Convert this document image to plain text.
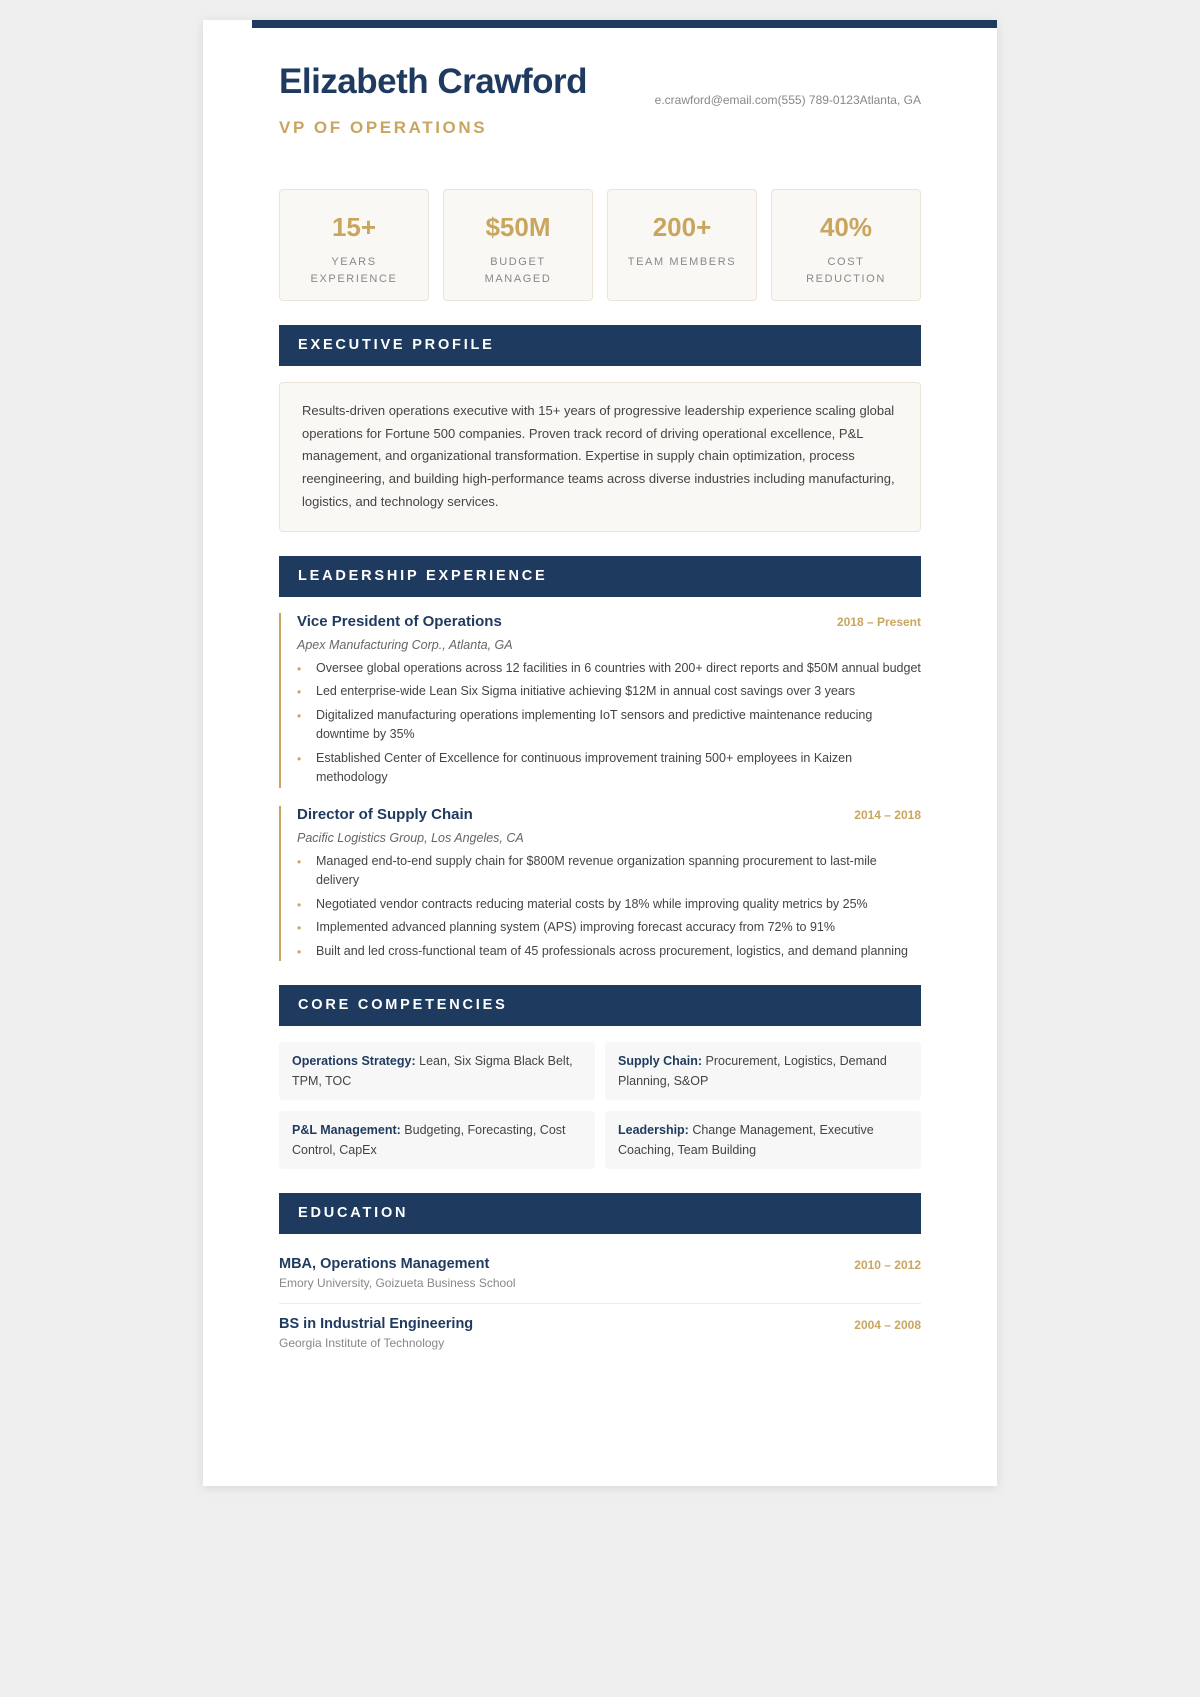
Elizabeth Crawford	e.crawford@email.com(555) 789-0123Atlanta, GA
VP OF OPERATIONS
15+
YEARS EXPERIENCE
$50M
BUDGET MANAGED
200+
TEAM MEMBERS
40%
COST REDUCTION
EXECUTIVE PROFILE
Results-driven operations executive with 15+ years of progressive leadership experience scaling global operations for Fortune 500 companies. Proven track record of driving operational excellence, P&L management, and organizational transformation. Expertise in supply chain optimization, process reengineering, and building high-performance teams across diverse industries including manufacturing, logistics, and technology services.
LEADERSHIP EXPERIENCE
Vice President of Operations	2018 – Present
Apex Manufacturing Corp., Atlanta, GA
• Oversee global operations across 12 facilities in 6 countries with 200+ direct reports and $50M annual budget
• Led enterprise-wide Lean Six Sigma initiative achieving $12M in annual cost savings over 3 years
• Digitalized manufacturing operations implementing IoT sensors and predictive maintenance reducing downtime by 35%
• Established Center of Excellence for continuous improvement training 500+ employees in Kaizen methodology
Director of Supply Chain	2014 – 2018
Pacific Logistics Group, Los Angeles, CA
• Managed end-to-end supply chain for $800M revenue organization spanning procurement to last-mile delivery
• Negotiated vendor contracts reducing material costs by 18% while improving quality metrics by 25%
• Implemented advanced planning system (APS) improving forecast accuracy from 72% to 91%
• Built and led cross-functional team of 45 professionals across procurement, logistics, and demand planning
CORE COMPETENCIES
Operations Strategy: Lean, Six Sigma Black Belt, TPM, TOC
Supply Chain: Procurement, Logistics, Demand Planning, S&OP
P&L Management: Budgeting, Forecasting, Cost Control, CapEx
Leadership: Change Management, Executive Coaching, Team Building
EDUCATION
MBA, Operations Management
Emory University, Goizueta Business School
2010 – 2012
BS in Industrial Engineering
Georgia Institute of Technology
2004 – 2008
